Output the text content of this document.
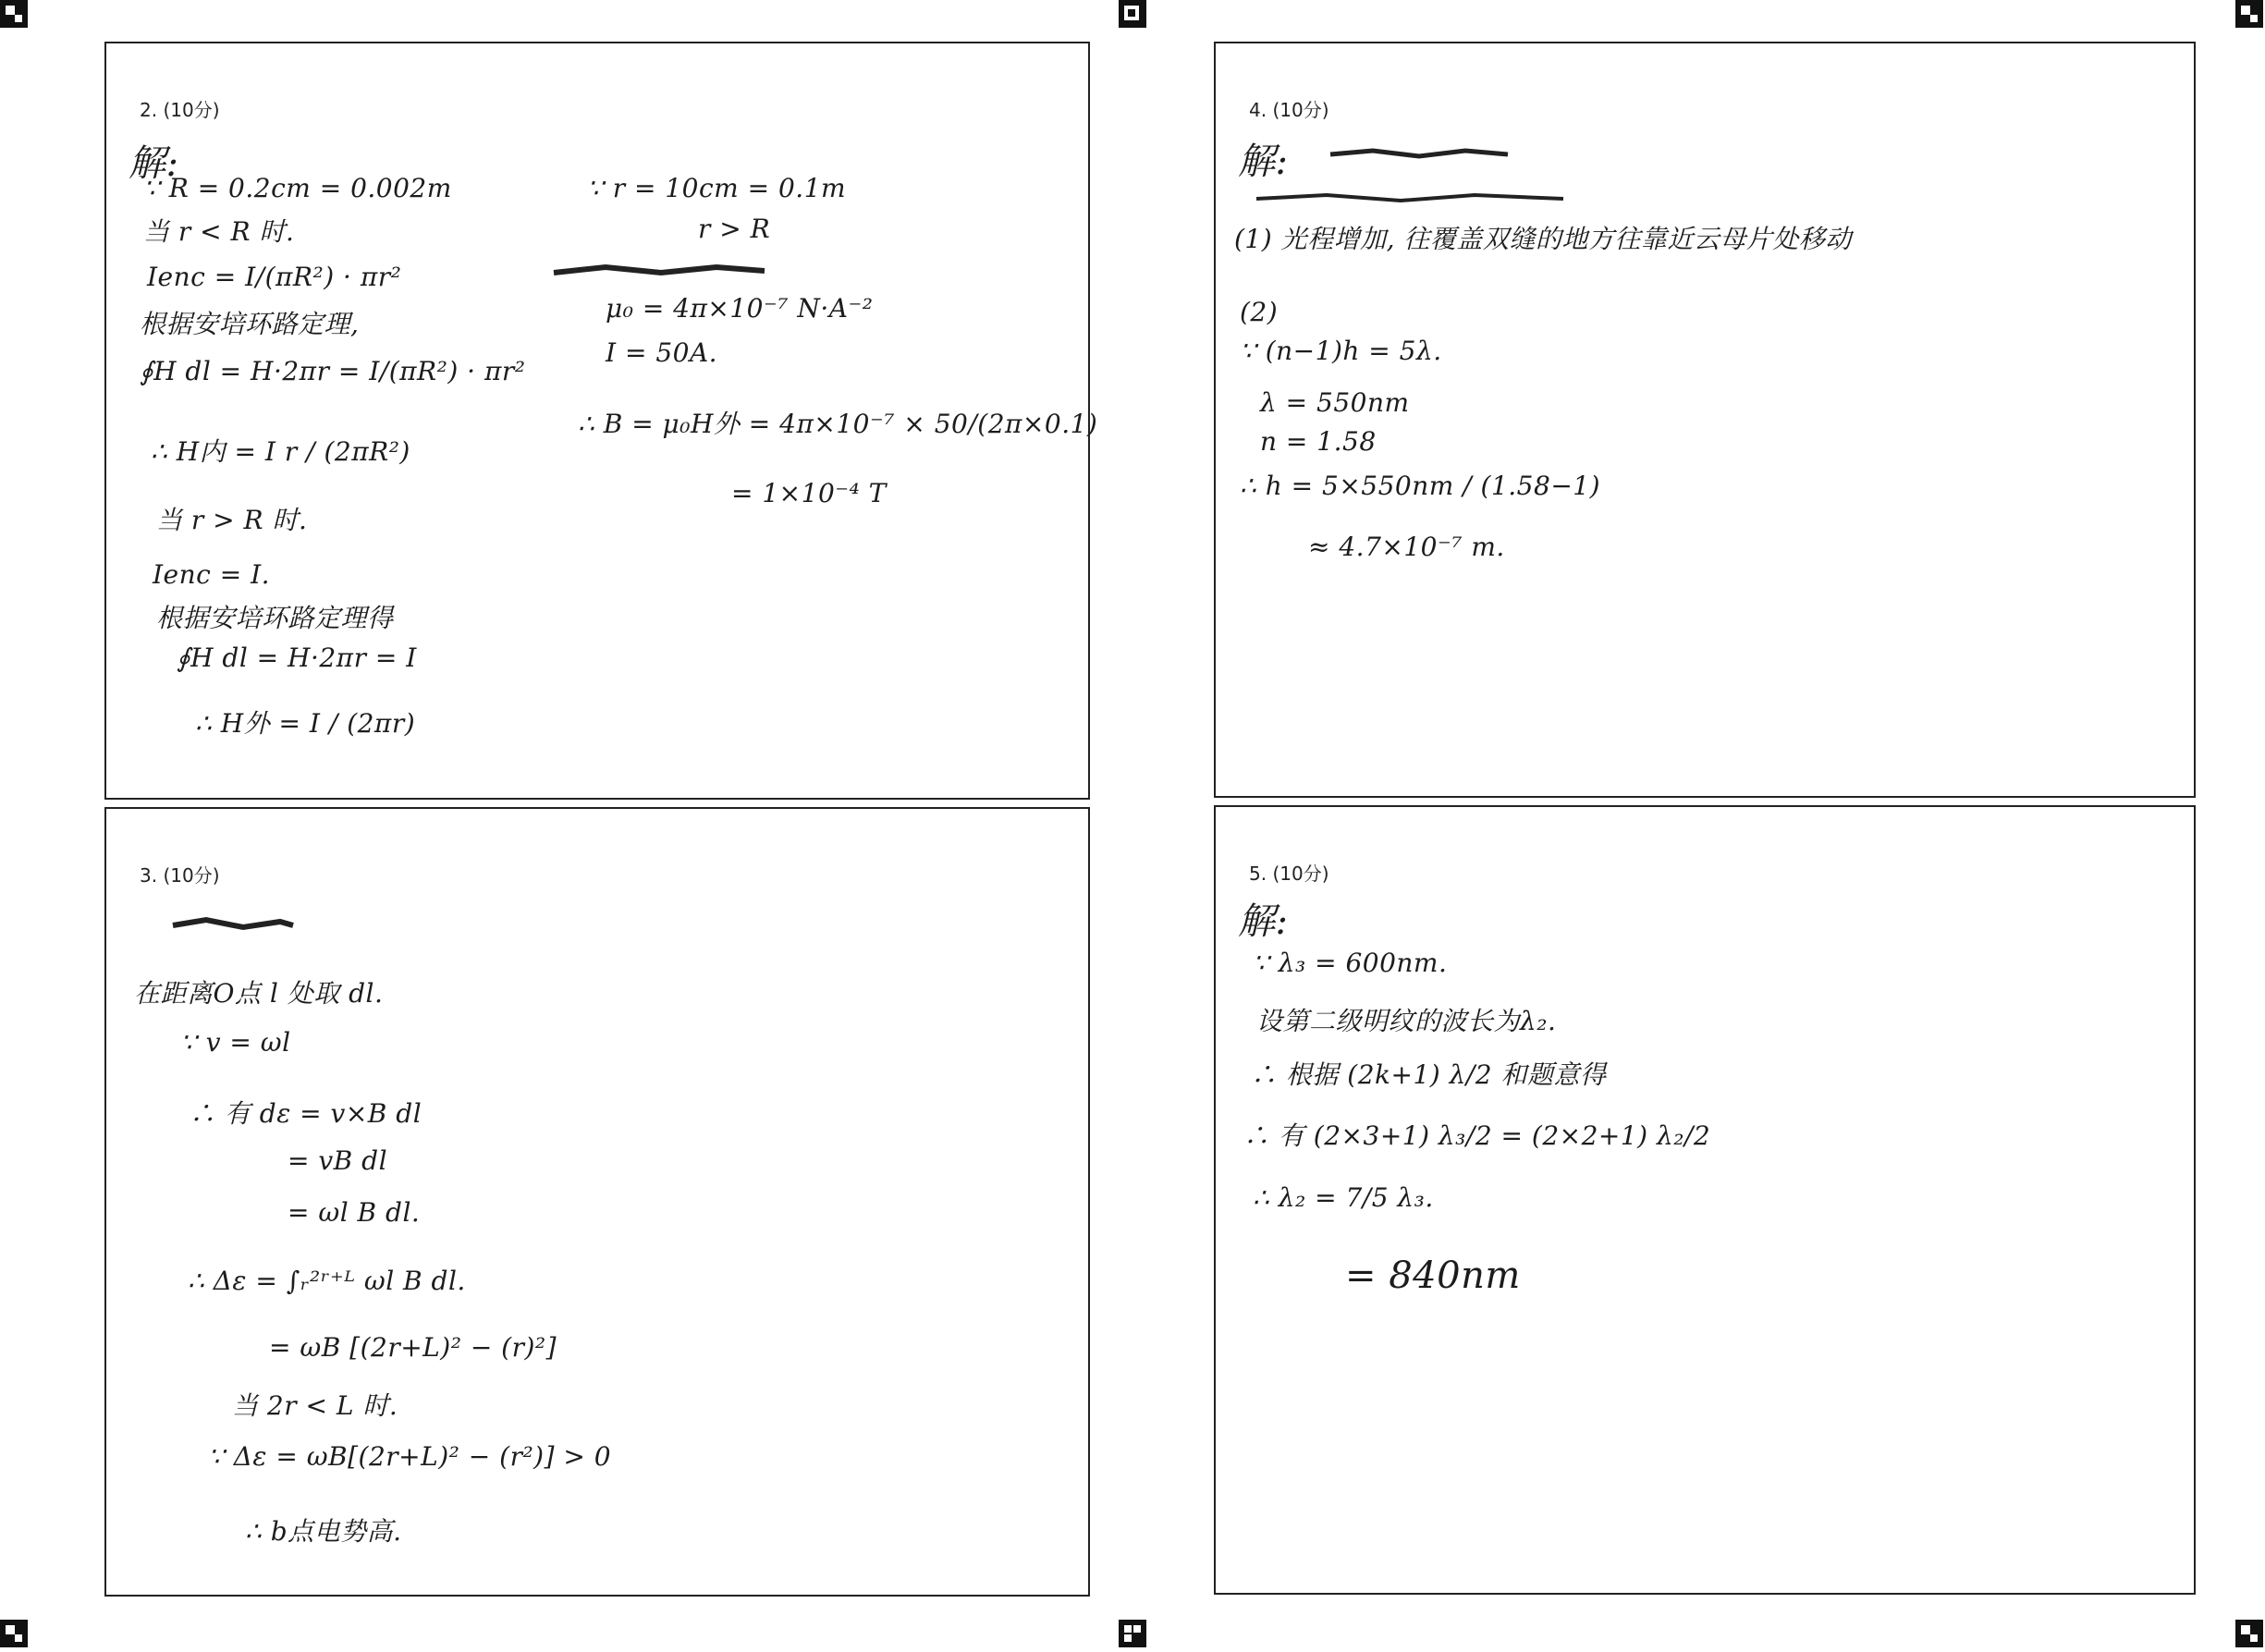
2. (10分)
解:
∵ R = 0.2cm = 0.002m
当 r < R 时.
Ienc = I/(πR²) · πr²
根据安培环路定理,
∮H dl = H·2πr = I/(πR²) · πr²
∴ H内 = I r / (2πR²)
当 r > R 时.
Ienc = I.
根据安培环路定理得
∮H dl = H·2πr = I
∴ H外 = I / (2πr)
∵ r = 10cm = 0.1m
r > R
μ₀ = 4π×10⁻⁷ N·A⁻²
I = 50A.
∴ B = μ₀H外 = 4π×10⁻⁷ × 50/(2π×0.1)
= 1×10⁻⁴ T
3. (10分)
在距离O点 l 处取 dl.
∵ v = ωl
∴ 有 dε = v×B dl
= vB dl
= ωl B dl.
∴ Δε = ∫ᵣ²ʳ⁺ᴸ ωl B dl.
= ωB [(2r+L)² − (r)²]
当 2r < L 时.
∵ Δε = ωB[(2r+L)² − (r²)] > 0
∴ b点电势高.
4. (10分)
解:
(1) 光程增加, 往覆盖双缝的地方往靠近云母片处移动
(2)
∵ (n−1)h = 5λ.
λ = 550nm
n = 1.58
∴ h = 5×550nm / (1.58−1)
≈ 4.7×10⁻⁷ m.
5. (10分)
解:
∵ λ₃ = 600nm.
设第二级明纹的波长为λ₂.
∴ 根据 (2k+1) λ/2 和题意得
∴ 有 (2×3+1) λ₃/2 = (2×2+1) λ₂/2
∴ λ₂ = 7/5 λ₃.
= 840nm
